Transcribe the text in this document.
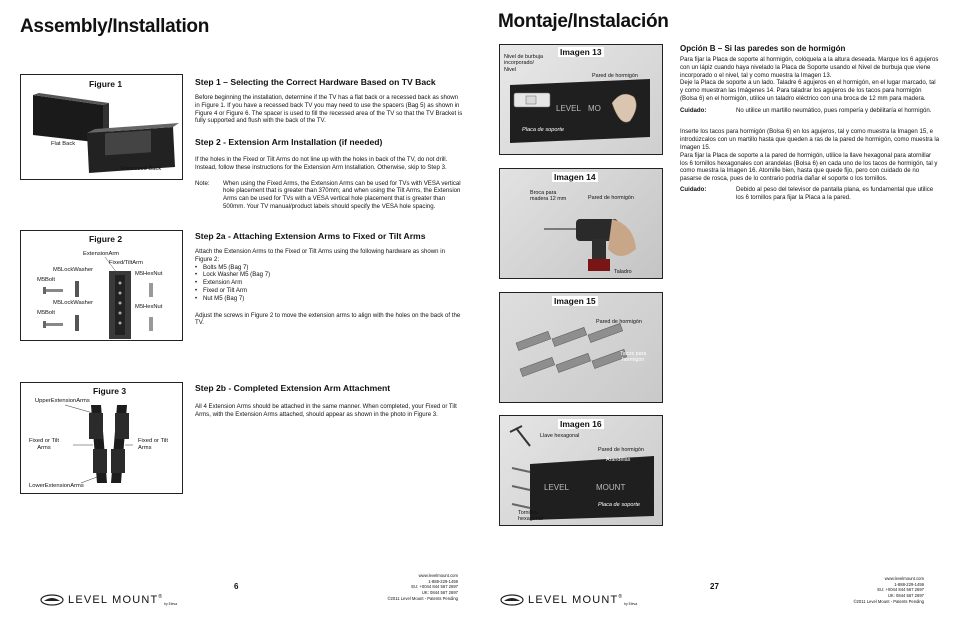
Assembly/Installation
Figure 1
Flat Back
Recessed Back
Figure 2
ExtensionArm
Fixed/TiltArm
M5LockWasher
M5HexNut
M5Bolt
M5LockWasher
M5HexNut
M5Bolt
Figure 3
UpperExtensionArms
Fixed or Tilt
Arms
Fixed or Tilt
Arms
LowerExtensionArms
Step 1 – Selecting the Correct Hardware Based on TV Back
Before beginning the installation, determine if the TV has a flat back or a recessed back as shown in Figure 1. If you have a recessed back TV you may need to use the spacers (Bag 5) as shown in Figure 4 or Figure 6. The spacer is used to fill the recessed area of the TV so that the TV Bracket is fully supported and flush with the back of the TV.
Step 2 - Extension Arm Installation (if needed)
If the holes in the Fixed or Tilt Arms do not line up with the holes in back of the TV, do not drill. Instead, follow these instructions for the Extension Arm Installation. Otherwise, skip to Step 3.
Note:	When using the Fixed Arms, the Extension Arms can be used for TVs with VESA vertical hole placement that is greater than 370mm; and when using the Tilt Arms, the Extension Arms can be used for TVs with a VESA vertical hole placement that is greater than 500mm. Your TV manual/product labels should specify the VESA hole spacing.
Step 2a - Attaching Extension Arms to Fixed or Tilt Arms
Attach the Extension Arms to the Fixed or Tilt Arms using the following hardware as shown in Figure 2:
• Bolts M5 (Bag 7)
• Lock Washer M5 (Bag 7)
• Extension Arm
• Fixed or Tilt Arm
• Nut M5 (Bag 7)
Adjust the screws in Figure 2 to move the extension arms to align with the holes on the back of the TV.
Step 2b - Completed Extension Arm Attachment
All 4 Extension Arms should be attached in the same manner. When completed, your Fixed or Tilt Arms, with the Extension Arms attached, should appear as shown in the photo in Figure 3.
LEVEL MOUNT ®
by Eleva
6
www.levelmount.com
1-888-229-1459
EU: +0044 844 567 2697
UK: 0844 567 2697
©2011 Level Mount - Patents Pending
Montaje/Instalación
LEVEL MO
Imagen 13
Nivel de burbuja
incorporado/
Nivel
Pared de hormigón
Placa de soporte
Imagen 14
Broca para
madera 12 mm	Pared de hormigón
Taladro
Imagen 15
Pared de hormigón
Tacos para
hormigón
LEVEL	MOUNT
Imagen 16
Llave hexagonal
Pared de hormigón
Arandelas
Tornillos
hexagonal
Placa de soporte
Opción B – Si las paredes son de hormigón
Para fijar la Placa de soporte al hormigón, colóquela a la altura deseada. Marque los 6 agujeros con un lápiz cuando haya nivelado la Placa de Soporte usando el Nivel de burbuja que viene incorporado o el nivel, tal y como muestra la Imagen 13.
Deje la Placa de soporte a un lado. Taladre 6 agujeros en el hormigón, en el lugar marcado, tal y como muestran las Imágenes 14. Para taladrar los agujeros de los tacos para hormigón (Bolsa 6) en el hormigón, utilice un taladro eléctrico con una broca de 12 mm para madera.
Cuidado:	No utilice un martillo neumático, pues rompería y debilitaría el hormigón.
Inserte los tacos para hormigón (Bolsa 6) en los agujeros, tal y como muestra la Imagen 15, e introdúzcalos con un martillo hasta que queden a ras de la pared de hormigón, como muestra la Imagen 15.
Para fijar la Placa de soporte a la pared de hormigón, utilice la llave hexagonal para atornillar los 6 tornillos hexagonales con arandelas (Bolsa 6) en cada uno de los tacos de hormigón, tal y como muestra la Imagen 16. Atornille bien, hasta que quede fijo, pero con cuidado de no pasarse de rosca, pues de lo contrario podría dañar el soporte o los tornillos.
Cuidado:	Debido al peso del televisor de pantalla plana, es fundamental que utilice los 6 tornillos para fijar la Placa a la pared.
LEVEL MOUNT ®
by Eleva
27
www.levelmount.com
1-888-229-1459
EU: +0044 844 567 2697
UK: 0844 567 2697
©2011 Level Mount - Patents Pending
